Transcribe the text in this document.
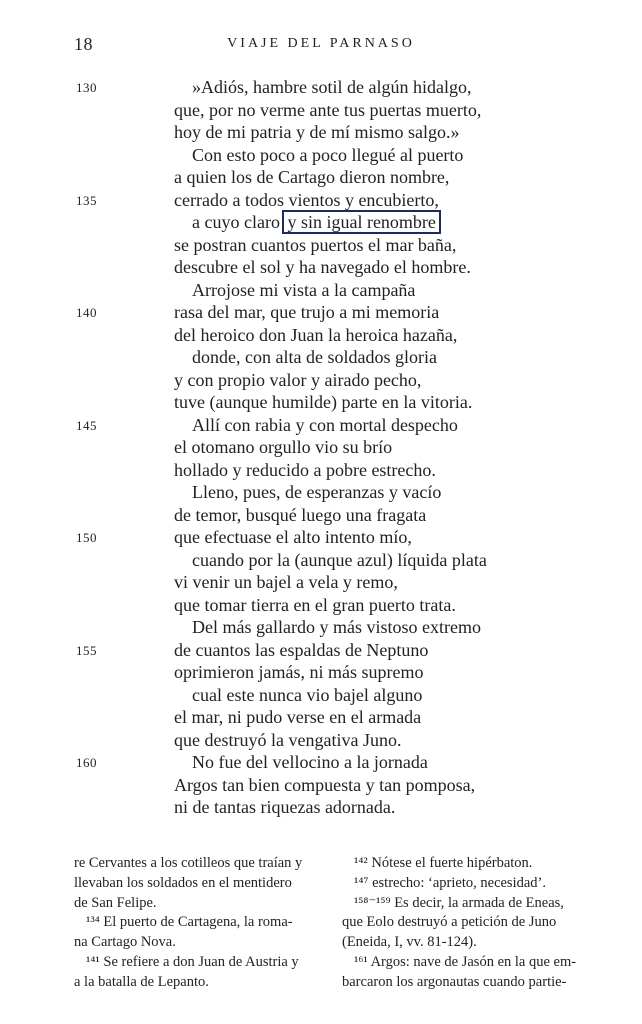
18	VIAJE DEL PARNASO
130	»Adiós, hambre sotil de algún hidalgo,
que, por no verme ante tus puertas muerto,
hoy de mi patria y de mí mismo salgo.»
Con esto poco a poco llegué al puerto
a quien los de Cartago dieron nombre,
135	cerrado a todos vientos y encubierto,
a cuyo claro y sin igual renombre
se postran cuantos puertos el mar baña,
descubre el sol y ha navegado el hombre.
Arrojose mi vista a la campaña
140	rasa del mar, que trujo a mi memoria
del heroico don Juan la heroica hazaña,
donde, con alta de soldados gloria
y con propio valor y airado pecho,
tuve (aunque humilde) parte en la vitoria.
145	Allí con rabia y con mortal despecho
el otomano orgullo vio su brío
hollado y reducido a pobre estrecho.
Lleno, pues, de esperanzas y vacío
de temor, busqué luego una fragata
150	que efectuase el alto intento mío,
cuando por la (aunque azul) líquida plata
vi venir un bajel a vela y remo,
que tomar tierra en el gran puerto trata.
Del más gallardo y más vistoso extremo
155	de cuantos las espaldas de Neptuno
oprimieron jamás, ni más supremo
cual este nunca vio bajel alguno
el mar, ni pudo verse en el armada
que destruyó la vengativa Juno.
160	No fue del vellocino a la jornada
Argos tan bien compuesta y tan pomposa,
ni de tantas riquezas adornada.
re Cervantes a los cotilleos que traían y
llevaban los soldados en el mentidero
de San Felipe.
¹³⁴ El puerto de Cartagena, la roma-
na Cartago Nova.
¹⁴¹ Se refiere a don Juan de Austria y
a la batalla de Lepanto.
¹⁴² Nótese el fuerte hipérbaton.
¹⁴⁷ estrecho: ‘aprieto, necesidad’.
¹⁵⁸⁻¹⁵⁹ Es decir, la armada de Eneas,
que Eolo destruyó a petición de Juno
(Eneida, I, vv. 81-124).
¹⁶¹ Argos: nave de Jasón en la que em-
barcaron los argonautas cuando partie-
